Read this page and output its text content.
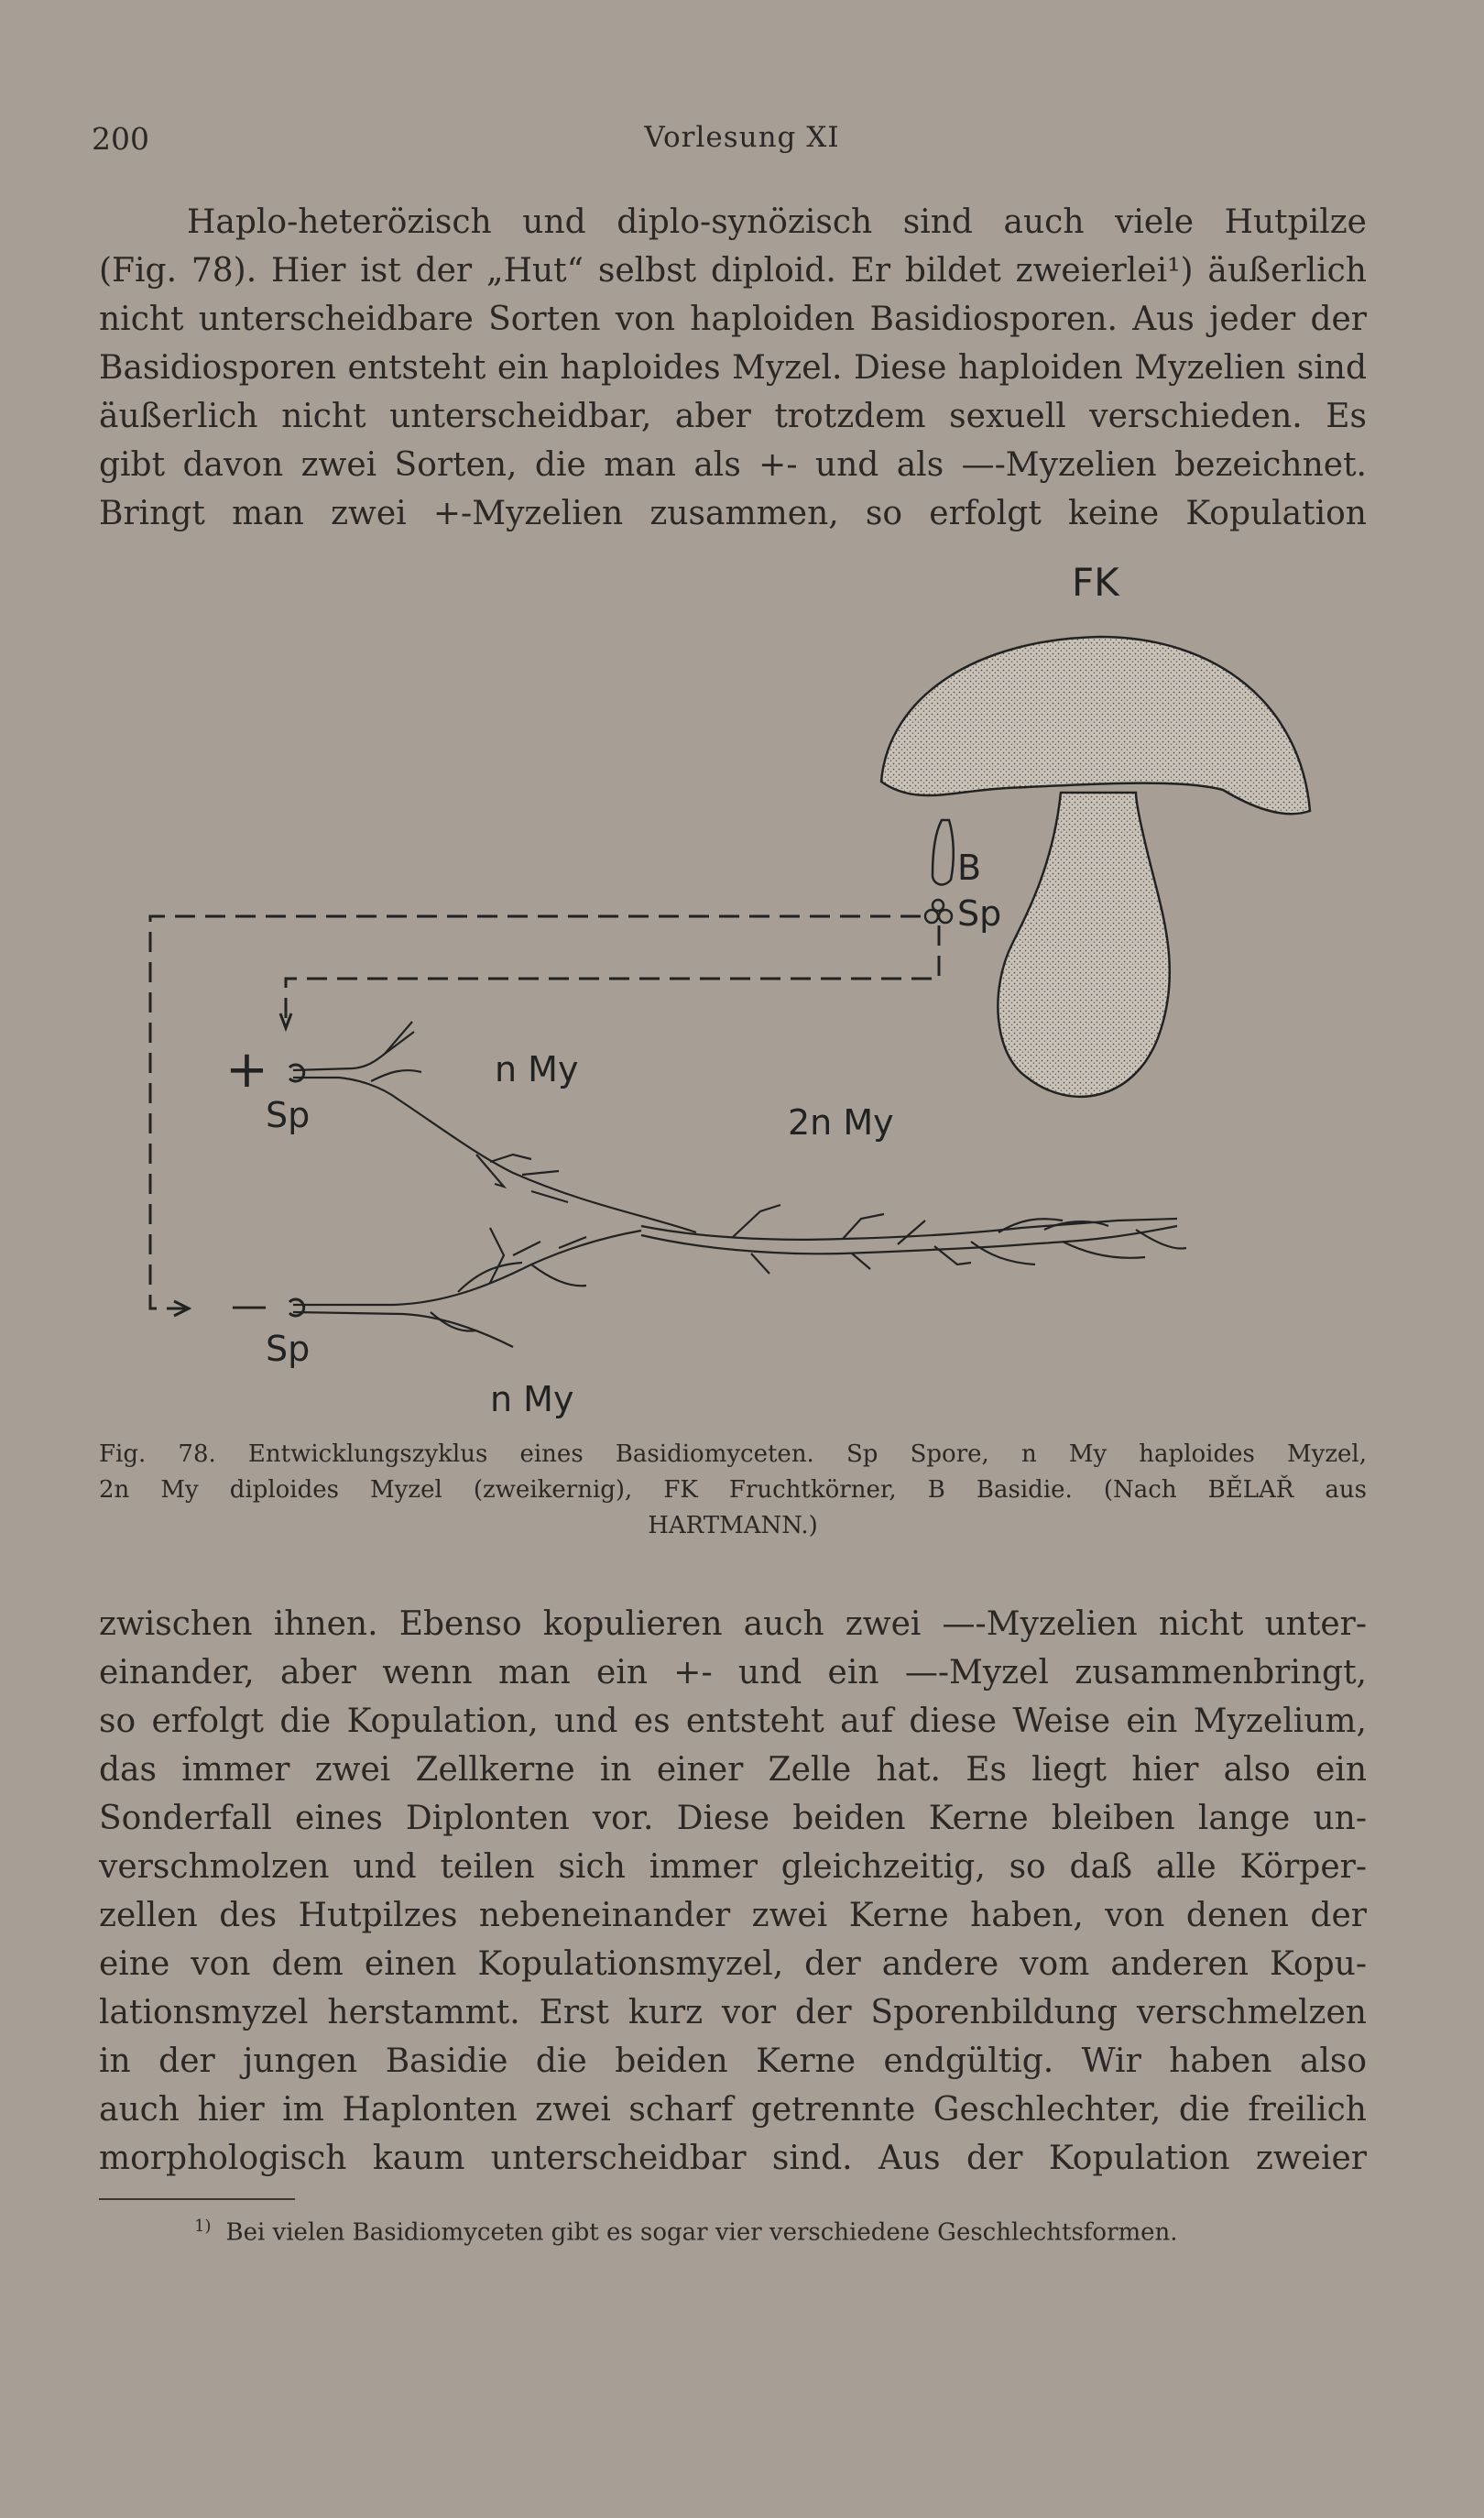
200	Vorlesung XI

Haplo-heterözisch und diplo-synözisch sind auch viele Hutpilze
(Fig. 78). Hier ist der „Hut“ selbst diploid. Er bildet zweierlei¹) äußerlich
nicht unterscheidbare Sorten von haploiden Basidiosporen. Aus jeder der
Basidiosporen entsteht ein haploides Myzel. Diese haploiden Myzelien sind
äußerlich nicht unterscheidbar, aber trotzdem sexuell verschieden. Es
gibt davon zwei Sorten, die man als +- und als —-Myzelien bezeichnet.
Bringt man zwei +-Myzelien zusammen, so erfolgt keine Kopulation

FK
B
Sp
+
Sp
n My
2n My
—
Sp
n My

Fig. 78. Entwicklungszyklus eines Basidiomyceten. Sp Spore, n My haploides Myzel,
2n My diploides Myzel (zweikernig), FK Fruchtkörner, B Basidie. (Nach BĚLAŘ aus
HARTMANN.)

zwischen ihnen. Ebenso kopulieren auch zwei —-Myzelien nicht unter-
einander, aber wenn man ein +- und ein —-Myzel zusammenbringt,
so erfolgt die Kopulation, und es entsteht auf diese Weise ein Myzelium,
das immer zwei Zellkerne in einer Zelle hat. Es liegt hier also ein
Sonderfall eines Diplonten vor. Diese beiden Kerne bleiben lange un-
verschmolzen und teilen sich immer gleichzeitig, so daß alle Körper-
zellen des Hutpilzes nebeneinander zwei Kerne haben, von denen der
eine von dem einen Kopulationsmyzel, der andere vom anderen Kopu-
lationsmyzel herstammt. Erst kurz vor der Sporenbildung verschmelzen
in der jungen Basidie die beiden Kerne endgültig. Wir haben also
auch hier im Haplonten zwei scharf getrennte Geschlechter, die freilich
morphologisch kaum unterscheidbar sind. Aus der Kopulation zweier

$^{1)}$ Bei vielen Basidiomyceten gibt es sogar vier verschiedene Geschlechtsformen.
